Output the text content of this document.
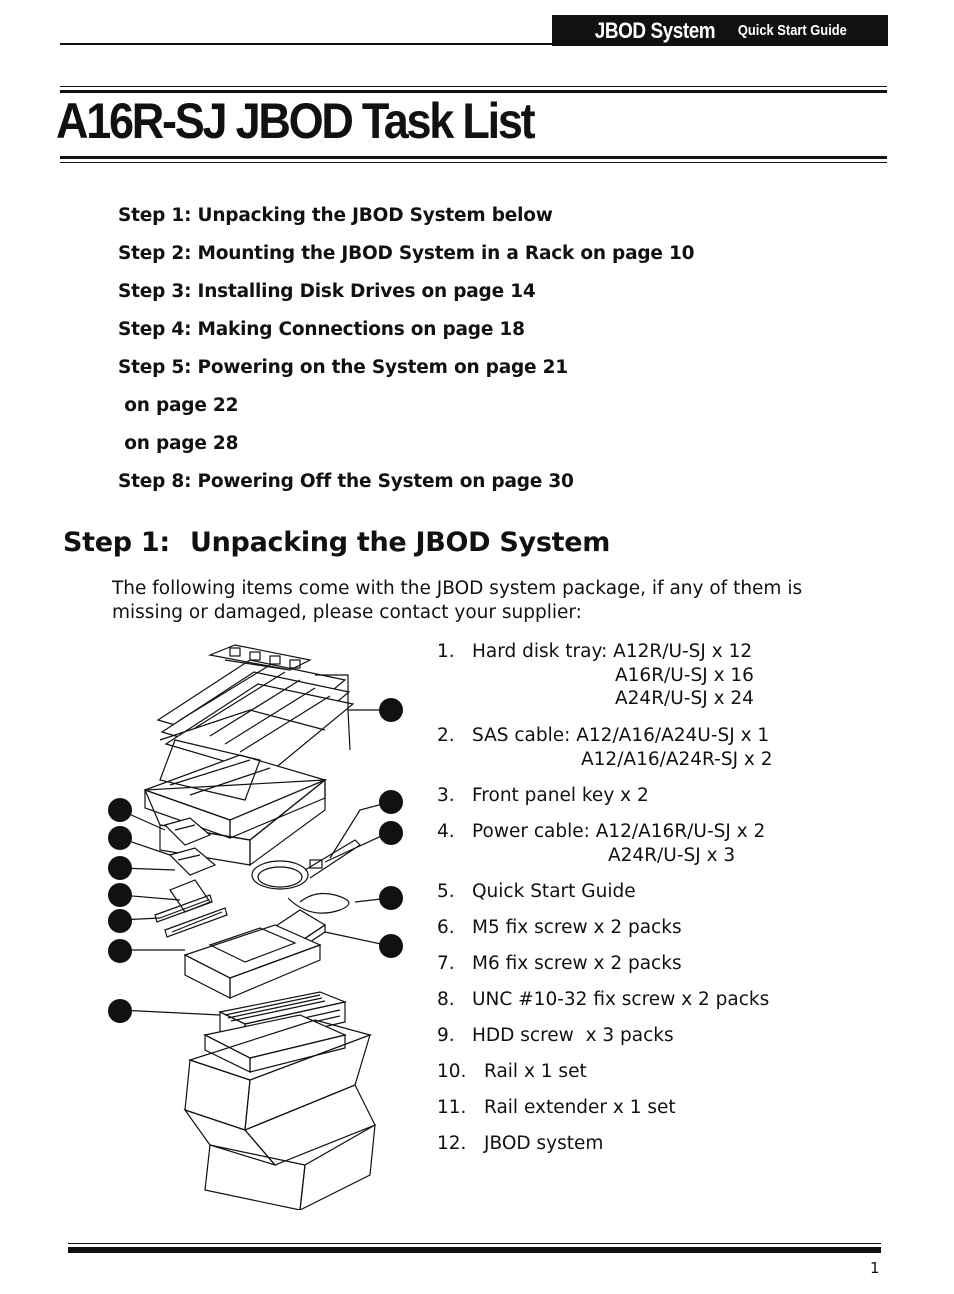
JBOD System Quick Start Guide
A16R-SJ JBOD Task List
Step 1: Unpacking the JBOD System below
Step 2: Mounting the JBOD System in a Rack on page 10
Step 3: Installing Disk Drives on page 14
Step 4: Making Connections on page 18
Step 5: Powering on the System on page 21
on page 22
on page 28
Step 8: Powering Off the System on page 30
Step 1: Unpacking the JBOD System
The following items come with the JBOD system package, if any of them is missing or damaged, please contact your supplier:
1. Hard disk tray: A12R/U-SJ x 12
A16R/U-SJ x 16
A24R/U-SJ x 24
2. SAS cable: A12/A16/A24U-SJ x 1
A12/A16/A24R-SJ x 2
3. Front panel key x 2
4. Power cable: A12/A16R/U-SJ x 2
A24R/U-SJ x 3
5. Quick Start Guide
6. M5 fix screw x 2 packs
7. M6 fix screw x 2 packs
8. UNC #10-32 fix screw x 2 packs
9. HDD screw  x 3 packs
10. Rail x 1 set
11. Rail extender x 1 set
12. JBOD system
1
